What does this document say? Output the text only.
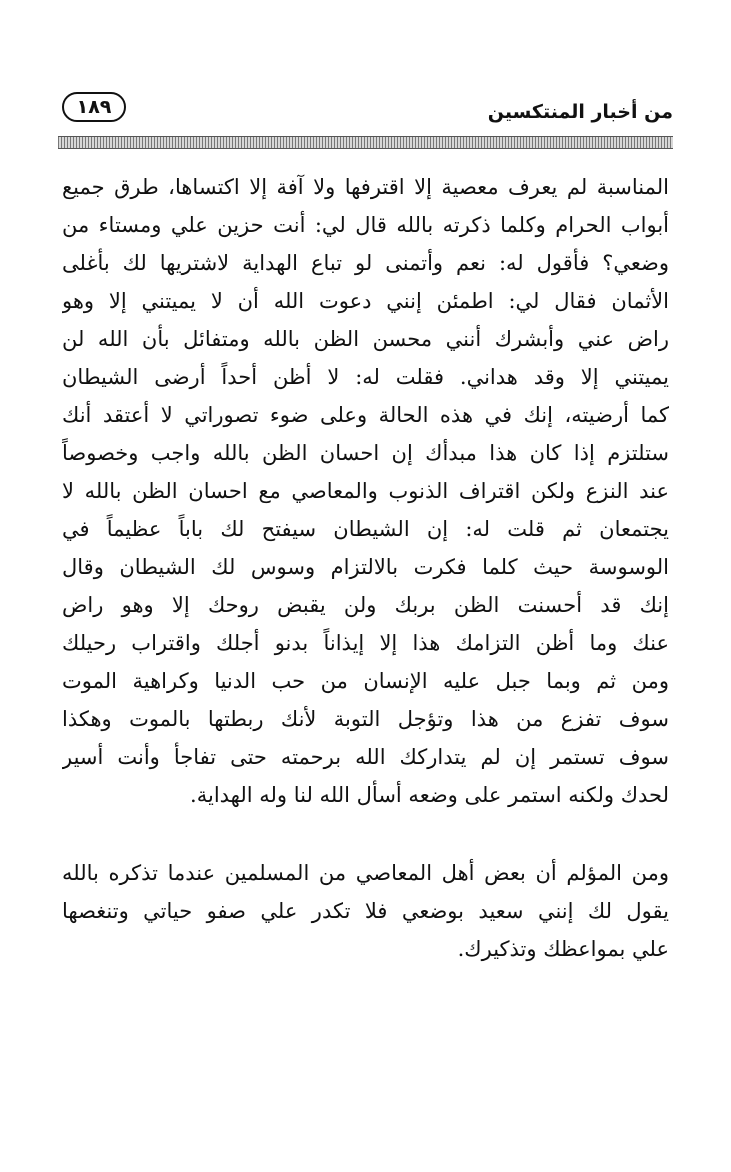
من أخبار المنتكسين
١٨٩

المناسبة لم يعرف معصية إلا اقترفها ولا آفة إلا اكتساها، طرق جميع
أبواب الحرام وكلما ذكرته بالله قال لي: أنت حزين علي ومستاء من
وضعي؟ فأقول له: نعم وأتمنى لو تباع الهداية لاشتريها لك بأغلى
الأثمان فقال لي: اطمئن إنني دعوت الله أن لا يميتني إلا وهو
راض عني وأبشرك أنني محسن الظن بالله ومتفائل بأن الله لن
يميتني إلا وقد هداني. فقلت له: لا أظن أحداً أرضى الشيطان
كما أرضيته، إنك في هذه الحالة وعلى ضوء تصوراتي لا أعتقد أنك
ستلتزم إذا كان هذا مبدأك إن احسان الظن بالله واجب وخصوصاً
عند النزع ولكن اقتراف الذنوب والمعاصي مع احسان الظن بالله لا
يجتمعان ثم قلت له: إن الشيطان سيفتح لك باباً عظيماً في
الوسوسة حيث كلما فكرت بالالتزام وسوس لك الشيطان وقال
إنك قد أحسنت الظن بربك ولن يقبض روحك إلا وهو راض
عنك وما أظن التزامك هذا إلا إيذاناً بدنو أجلك واقتراب رحيلك
ومن ثم وبما جبل عليه الإنسان من حب الدنيا وكراهية الموت
سوف تفزع من هذا وتؤجل التوبة لأنك ربطتها بالموت وهكذا
سوف تستمر إن لم يتداركك الله برحمته حتى تفاجأ وأنت أسير
لحدك ولكنه استمر على وضعه أسأل الله لنا وله الهداية.

ومن المؤلم أن بعض أهل المعاصي من المسلمين عندما تذكره بالله
يقول لك إنني سعيد بوضعي فلا تكدر علي صفو حياتي وتنغصها
علي بمواعظك وتذكيرك.
